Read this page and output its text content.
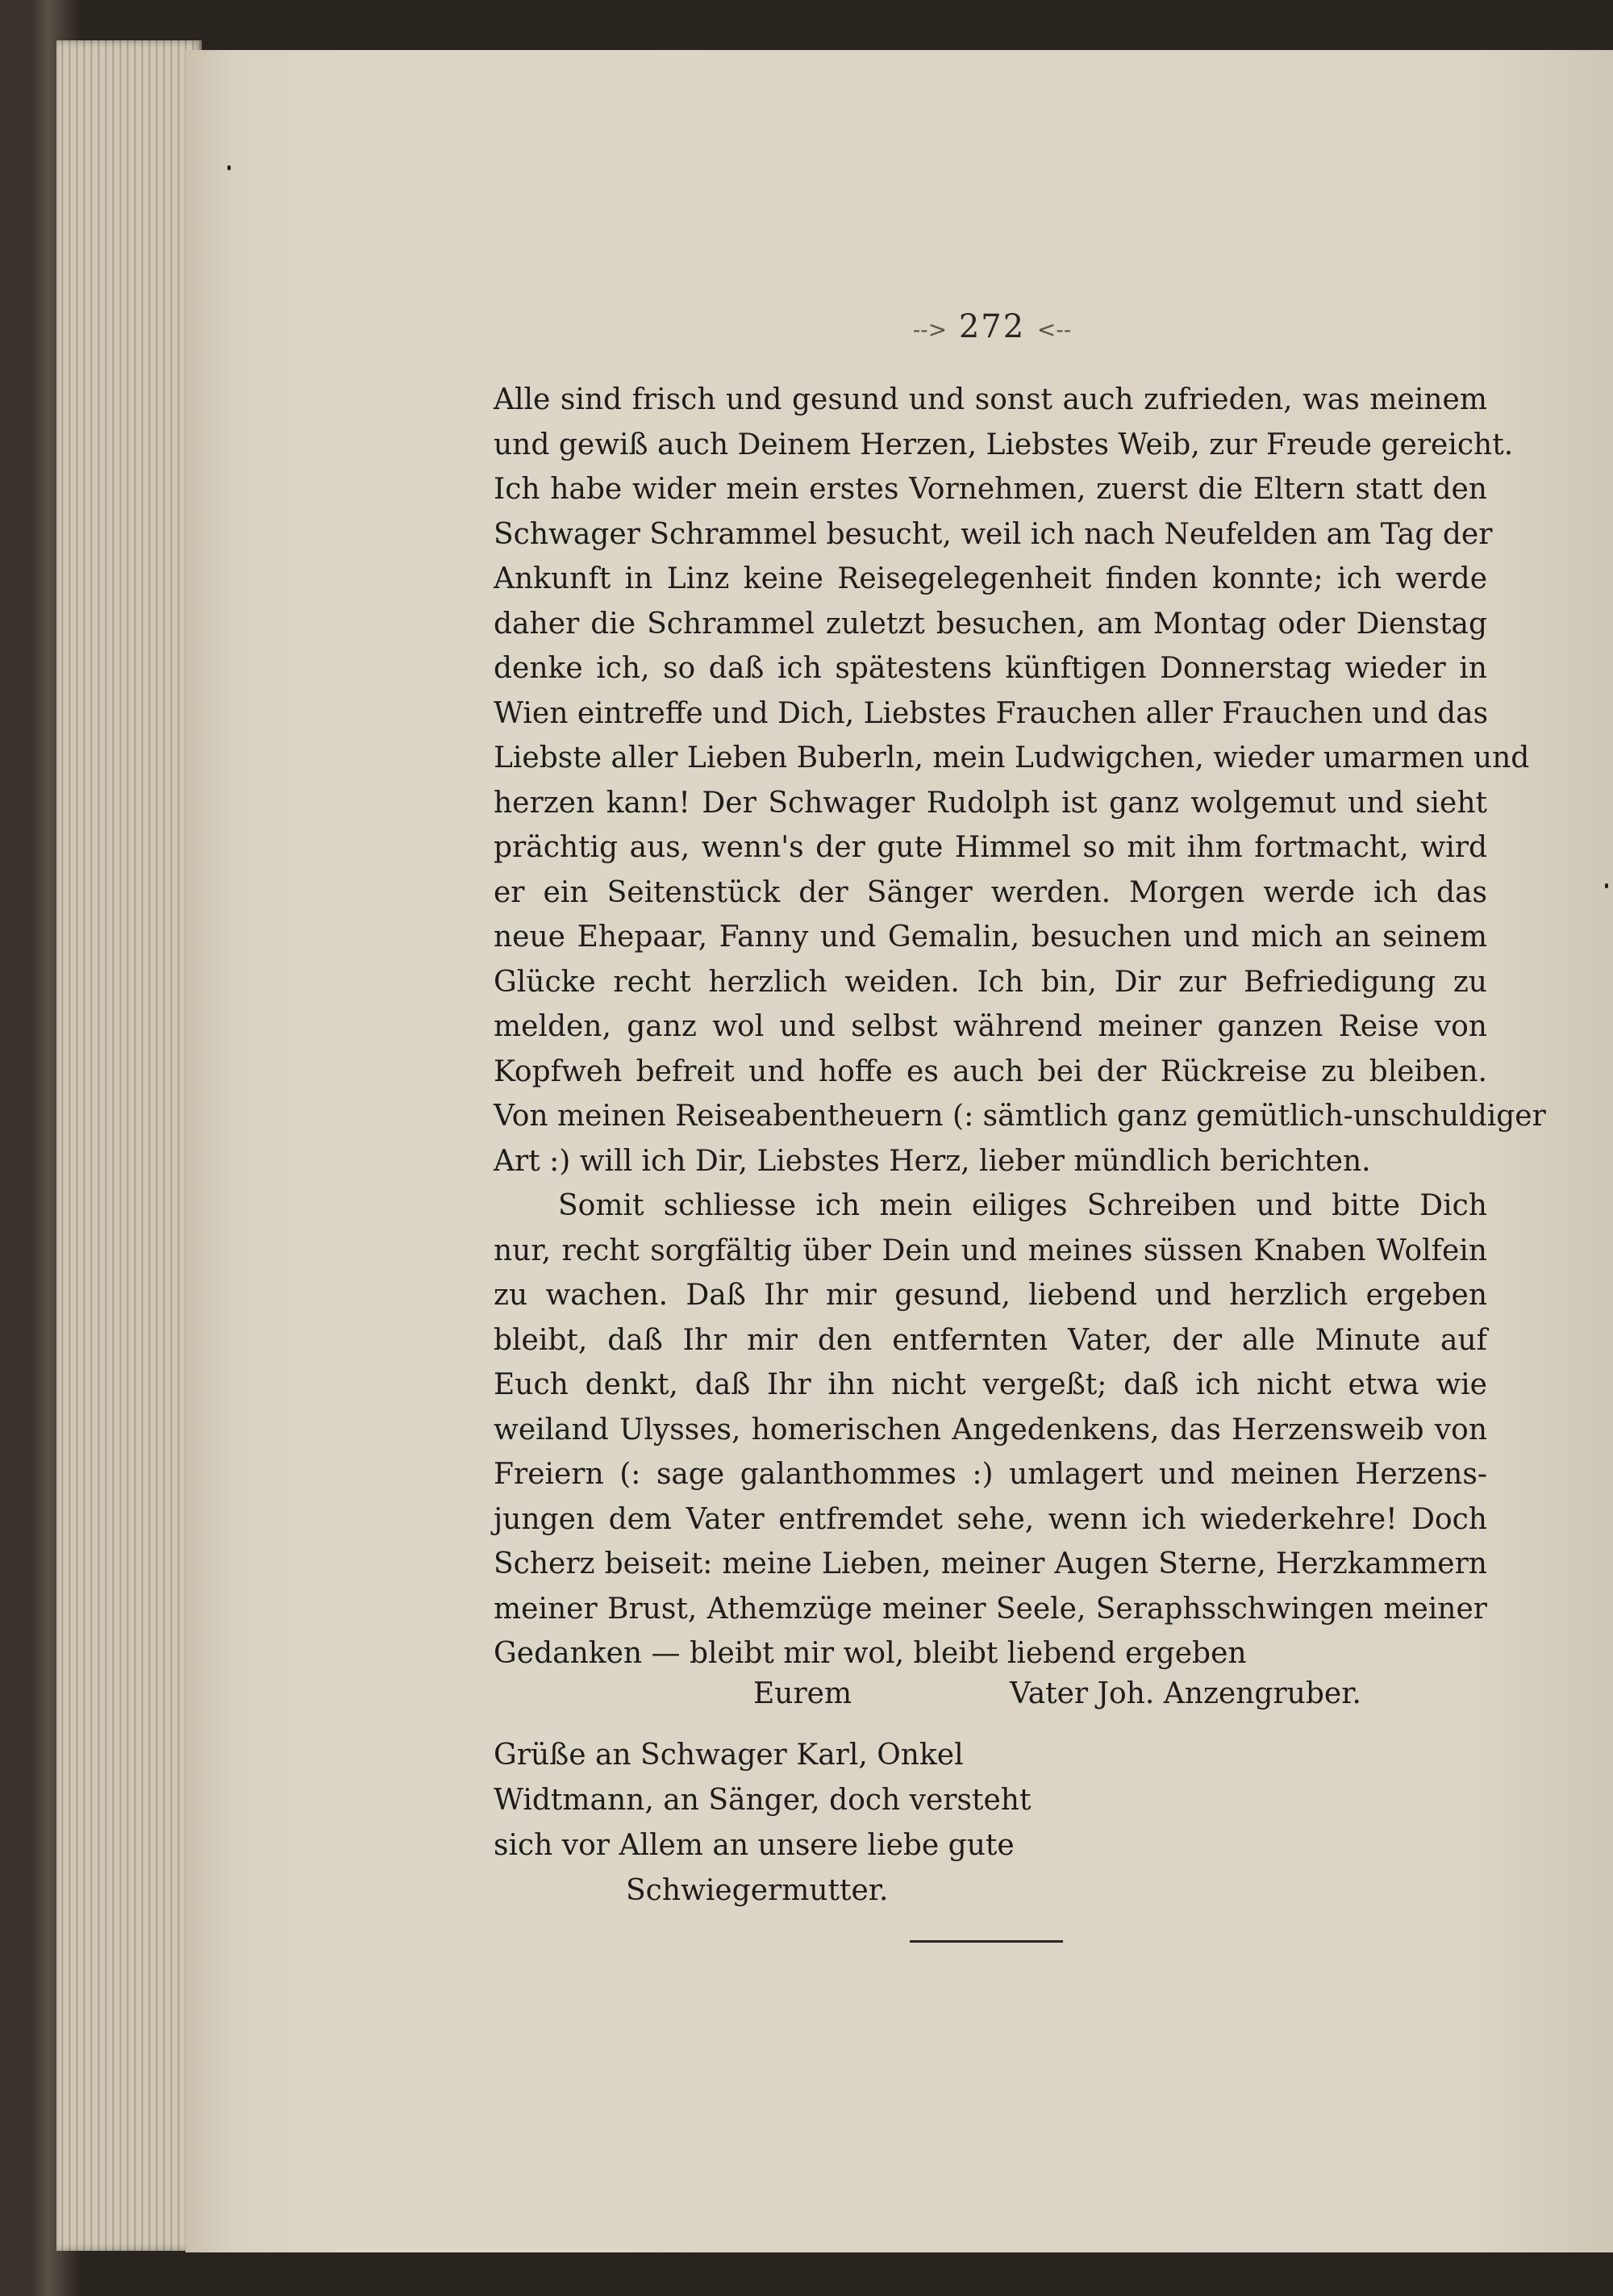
--> 272 <--
Alle sind frisch und gesund und sonst auch zufrieden, was meinem
und gewiß auch Deinem Herzen, Liebstes Weib, zur Freude gereicht.
Ich habe wider mein erstes Vornehmen, zuerst die Eltern statt den
Schwager Schrammel besucht, weil ich nach Neufelden am Tag der
Ankunft in Linz keine Reisegelegenheit finden konnte; ich werde
daher die Schrammel zuletzt besuchen, am Montag oder Dienstag
denke ich, so daß ich spätestens künftigen Donnerstag wieder in
Wien eintreffe und Dich, Liebstes Frauchen aller Frauchen und das
Liebste aller Lieben Buberln, mein Ludwigchen, wieder umarmen und
herzen kann! Der Schwager Rudolph ist ganz wolgemut und sieht
prächtig aus, wenn's der gute Himmel so mit ihm fortmacht, wird
er ein Seitenstück der Sänger werden. Morgen werde ich das
neue Ehepaar, Fanny und Gemalin, besuchen und mich an seinem
Glücke recht herzlich weiden. Ich bin, Dir zur Befriedigung zu
melden, ganz wol und selbst während meiner ganzen Reise von
Kopfweh befreit und hoffe es auch bei der Rückreise zu bleiben.
Von meinen Reiseabentheuern (: sämtlich ganz gemütlich-unschuldiger
Art :) will ich Dir, Liebstes Herz, lieber mündlich berichten.
Somit schliesse ich mein eiliges Schreiben und bitte Dich
nur, recht sorgfältig über Dein und meines süssen Knaben Wolfein
zu wachen. Daß Ihr mir gesund, liebend und herzlich ergeben
bleibt, daß Ihr mir den entfernten Vater, der alle Minute auf
Euch denkt, daß Ihr ihn nicht vergeßt; daß ich nicht etwa wie
weiland Ulysses, homerischen Angedenkens, das Herzensweib von
Freiern (: sage galanthommes :) umlagert und meinen Herzens-
jungen dem Vater entfremdet sehe, wenn ich wiederkehre! Doch
Scherz beiseit: meine Lieben, meiner Augen Sterne, Herzkammern
meiner Brust, Athemzüge meiner Seele, Seraphsschwingen meiner
Gedanken — bleibt mir wol, bleibt liebend ergeben
Eurem	Vater Joh. Anzengruber.
Grüße an Schwager Karl, Onkel
Widtmann, an Sänger, doch versteht
sich vor Allem an unsere liebe gute
Schwiegermutter.
